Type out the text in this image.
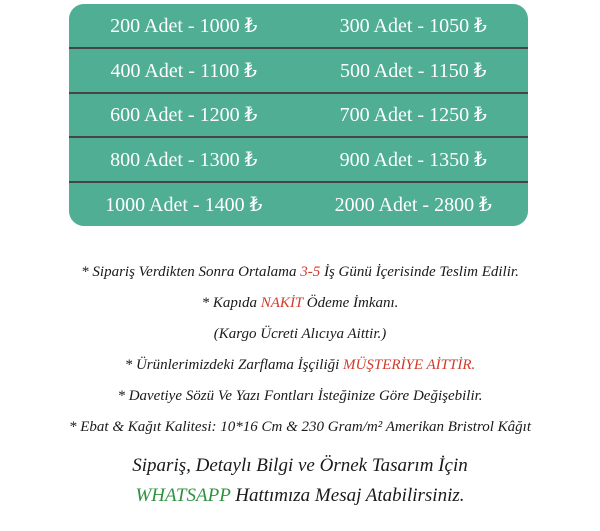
200 Adet - 1000 ₺	300 Adet - 1050 ₺
400 Adet - 1100 ₺	500 Adet - 1150 ₺
600 Adet - 1200 ₺	700 Adet - 1250 ₺
800 Adet - 1300 ₺	900 Adet - 1350 ₺
1000 Adet - 1400 ₺	2000 Adet - 2800 ₺

* Sipariş Verdikten Sonra Ortalama 3-5 İş Günü İçerisinde Teslim Edilir.

* Kapıda NAKİT Ödeme İmkanı.

(Kargo Ücreti Alıcıya Aittir.)

* Ürünlerimizdeki Zarflama İşçiliği MÜŞTERİYE AİTTİR.

* Davetiye Sözü Ve Yazı Fontları İsteğinize Göre Değişebilir.

* Ebat & Kağıt Kalitesi: 10*16 Cm & 230 Gram/m² Amerikan Bristrol Kâğıt

Sipariş, Detaylı Bilgi ve Örnek Tasarım İçin

WHATSAPP Hattımıza Mesaj Atabilirsiniz.
